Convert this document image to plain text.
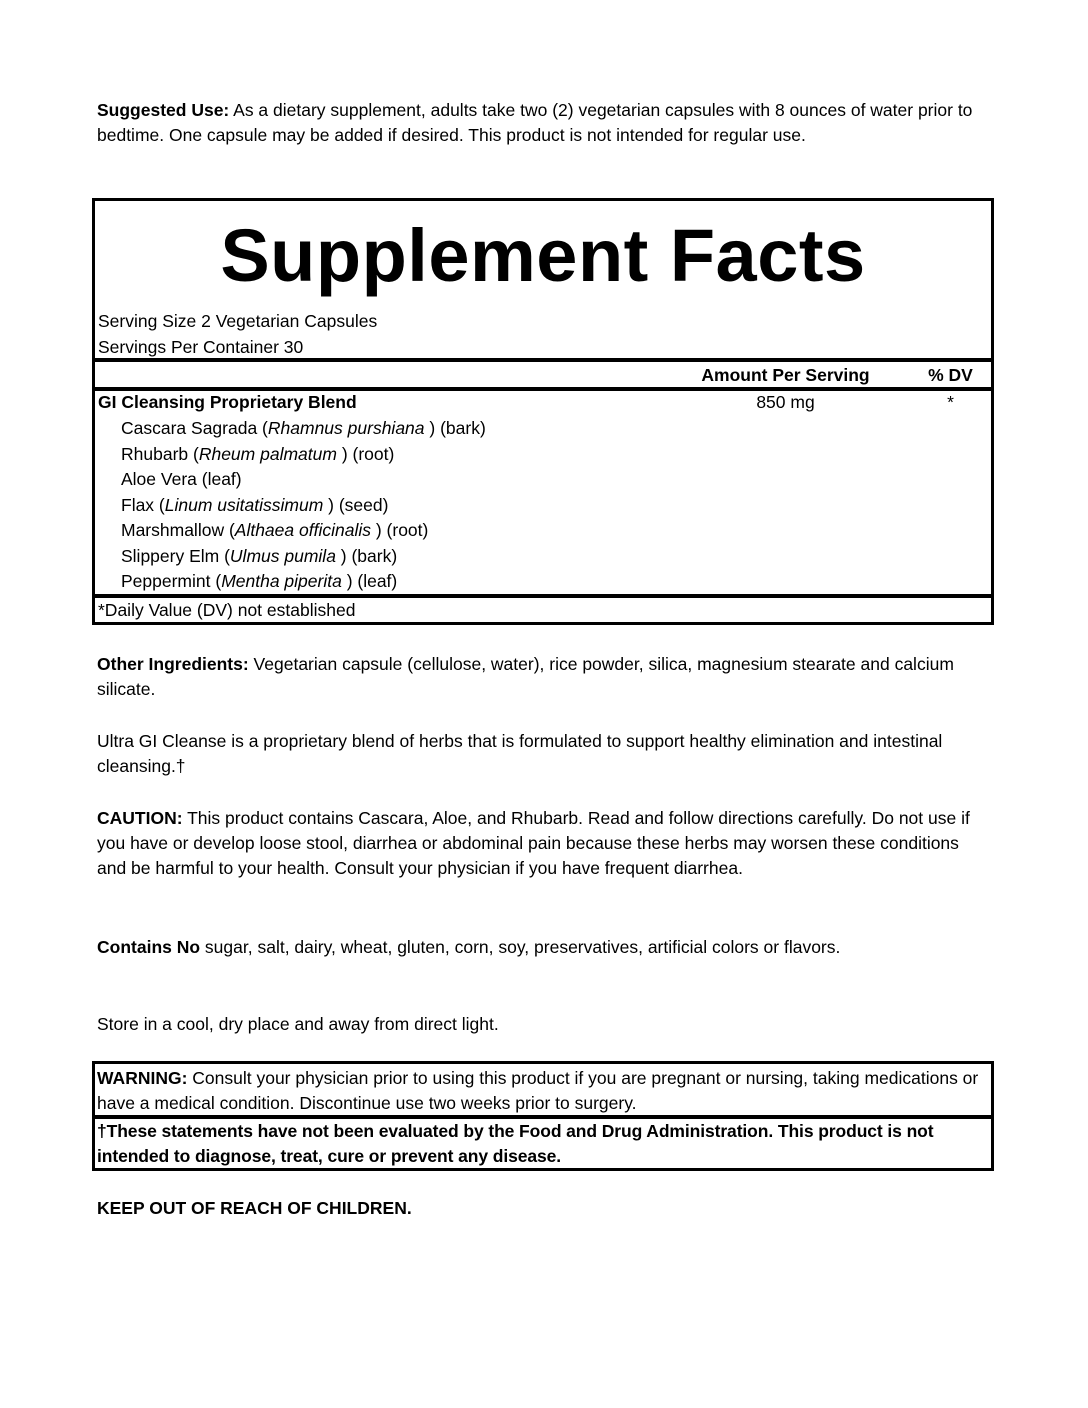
Suggested Use: As a dietary supplement, adults take two (2) vegetarian capsules with 8 ounces of water prior to bedtime. One capsule may be added if desired. This product is not intended for regular use.
Supplement Facts
Serving Size 2 Vegetarian Capsules
Servings Per Container 30
Amount Per Serving	% DV
GI Cleansing Proprietary Blend	850 mg	*
Cascara Sagrada (Rhamnus purshiana ) (bark)
Rhubarb (Rheum palmatum ) (root)
Aloe Vera (leaf)
Flax (Linum usitatissimum ) (seed)
Marshmallow (Althaea officinalis ) (root)
Slippery Elm (Ulmus pumila ) (bark)
Peppermint (Mentha piperita ) (leaf)
*Daily Value (DV) not established
Other Ingredients: Vegetarian capsule (cellulose, water), rice powder, silica, magnesium stearate and calcium silicate.
Ultra GI Cleanse is a proprietary blend of herbs that is formulated to support healthy elimination and intestinal cleansing.†
CAUTION: This product contains Cascara, Aloe, and Rhubarb. Read and follow directions carefully. Do not use if you have or develop loose stool, diarrhea or abdominal pain because these herbs may worsen these conditions and be harmful to your health. Consult your physician if you have frequent diarrhea.
Contains No sugar, salt, dairy, wheat, gluten, corn, soy, preservatives, artificial colors or flavors.
Store in a cool, dry place and away from direct light.
WARNING: Consult your physician prior to using this product if you are pregnant or nursing, taking medications or have a medical condition. Discontinue use two weeks prior to surgery.
†These statements have not been evaluated by the Food and Drug Administration. This product is not intended to diagnose, treat, cure or prevent any disease.
KEEP OUT OF REACH OF CHILDREN.
